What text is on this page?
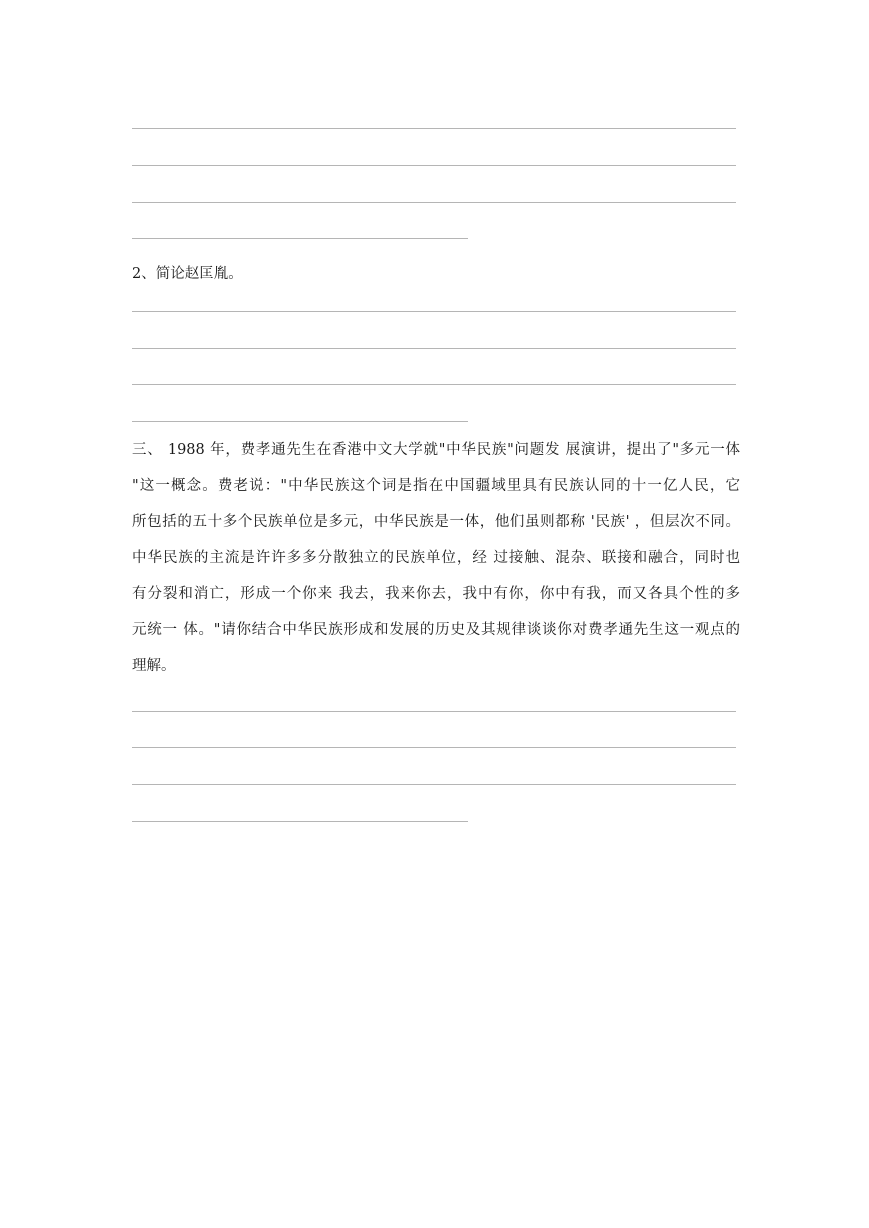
2、简论赵匡胤。
三、 1988 年，费孝通先生在香港中文大学就"中华民族"问题发 展演讲，提出了"多元一体
"这一概念。费老说："中华民族这个词是指在中国疆域里具有民族认同的十一亿人民，它
所包括的五十多个民族单位是多元，中华民族是一体，他们虽则都称 '民族' ，但层次不同。
中华民族的主流是许许多多分散独立的民族单位，经 过接触、混杂、联接和融合，同时也
有分裂和消亡，形成一个你来 我去，我来你去，我中有你，你中有我，而又各具个性的多
元统一 体。"请你结合中华民族形成和发展的历史及其规律谈谈你对费孝通先生这一观点的
理解。
